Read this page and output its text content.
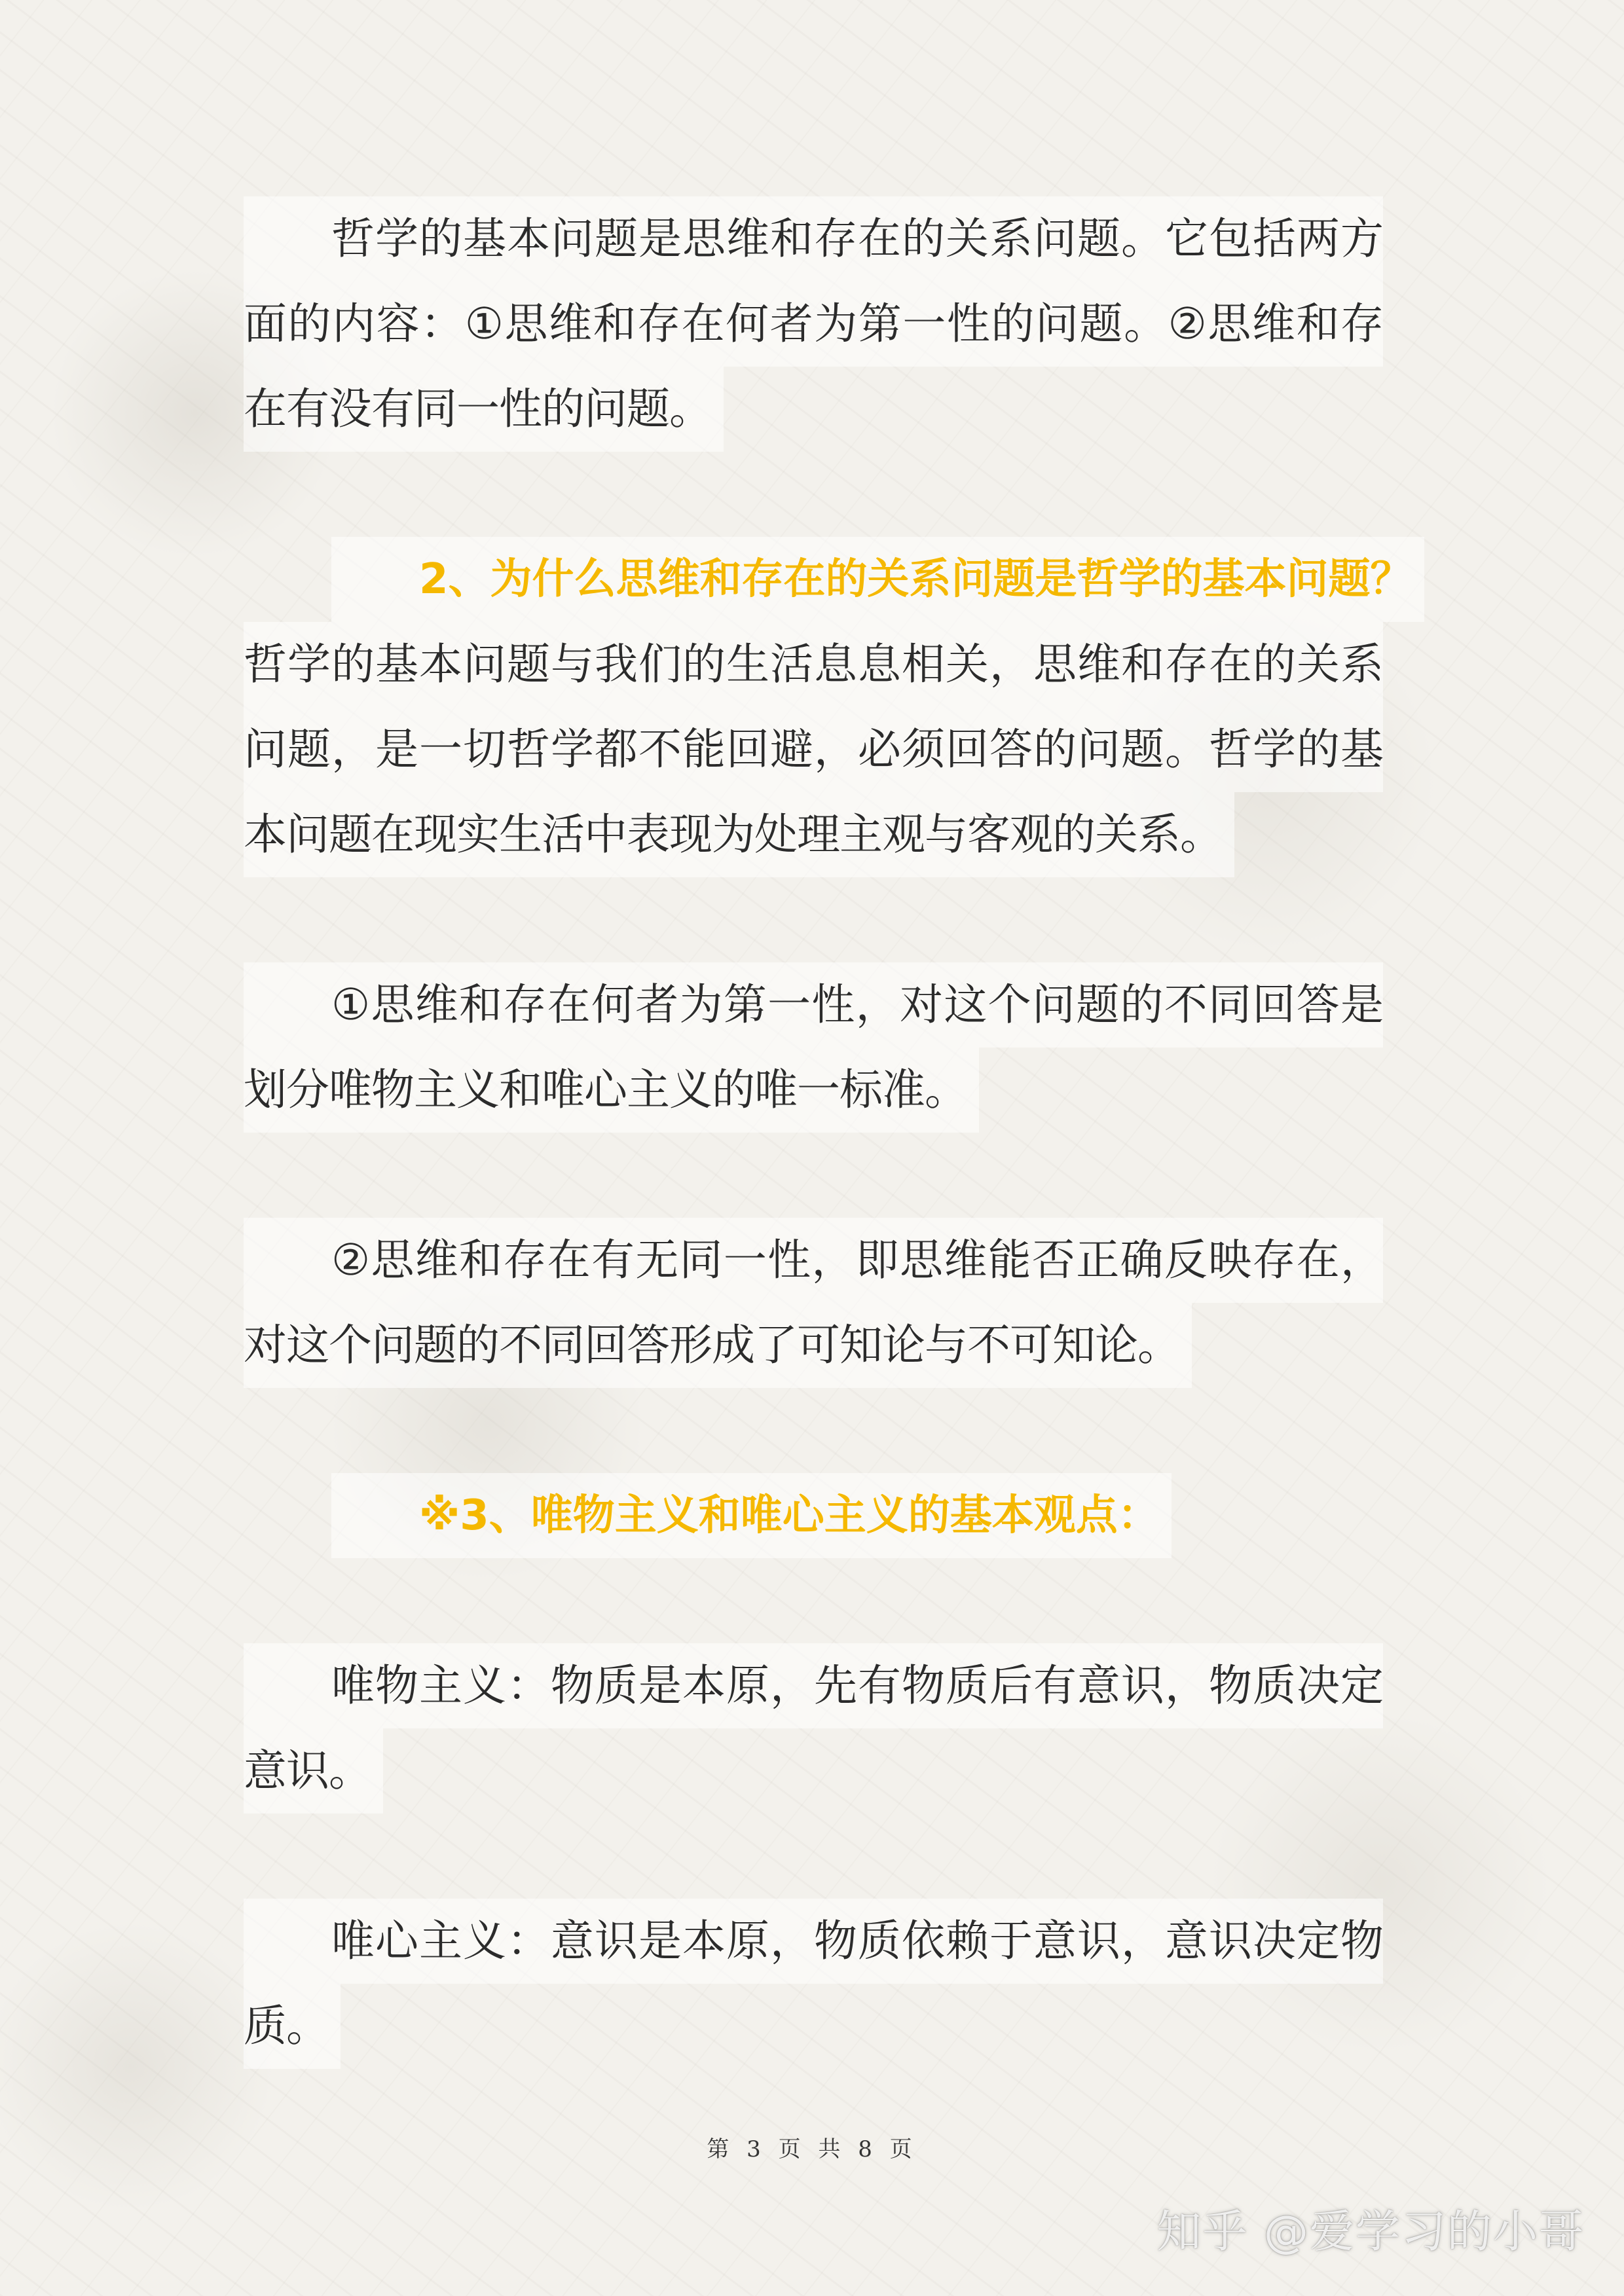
哲学的基本问题是思维和存在的关系问题。它包括两方
面的内容：①思维和存在何者为第一性的问题。②思维和存
在有没有同一性的问题。

2、为什么思维和存在的关系问题是哲学的基本问题？

哲学的基本问题与我们的生活息息相关，思维和存在的关系
问题，是一切哲学都不能回避，必须回答的问题。哲学的基
本问题在现实生活中表现为处理主观与客观的关系。

①思维和存在何者为第一性，对这个问题的不同回答是
划分唯物主义和唯心主义的唯一标准。

②思维和存在有无同一性，即思维能否正确反映存在，
对这个问题的不同回答形成了可知论与不可知论。

※3、唯物主义和唯心主义的基本观点：

唯物主义：物质是本原，先有物质后有意识，物质决定
意识。

唯心主义：意识是本原，物质依赖于意识，意识决定物
质。

第 3 页 共 8 页
知乎 @爱学习的小哥
